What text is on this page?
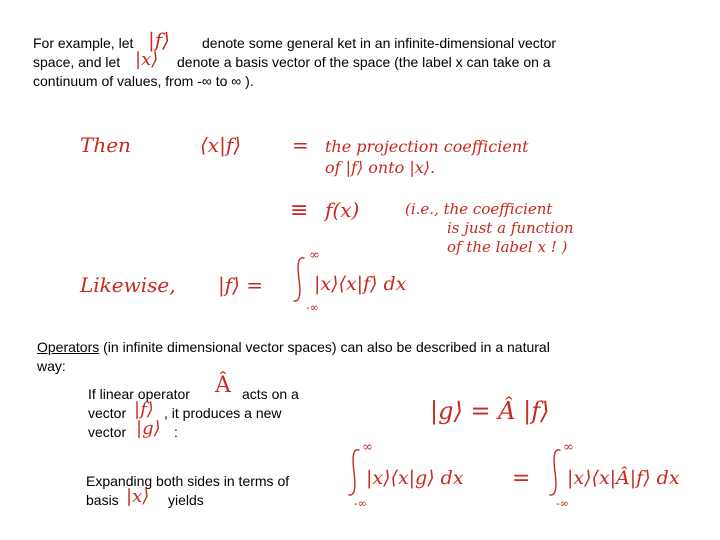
For example, let |f⟩ denote some general ket in an infinite-dimensional vector
space, and let |x⟩ denote a basis vector of the space (the label x can take on a
continuum of values, from -∞ to ∞ ).
Then	⟨x|f⟩	= the projection coefficient
of |f⟩ onto |x⟩.
≡ f(x)	(i.e., the coefficient
is just a function
of the label x ! )
Likewise, |f⟩ =
∞
-∞
|x⟩⟨x|f⟩ dx
Operators (in infinite dimensional vector spaces) can also be described in a natural
way:
If linear operator Â acts on a
vector |f⟩ , it produces a new
vector |g⟩ :
|g⟩ = Â |f⟩
Expanding both sides in terms of
basis |x⟩ yields
∞
-∞
|x⟩⟨x|g⟩ dx =
∞
-∞
|x⟩⟨x|Â|f⟩ dx
